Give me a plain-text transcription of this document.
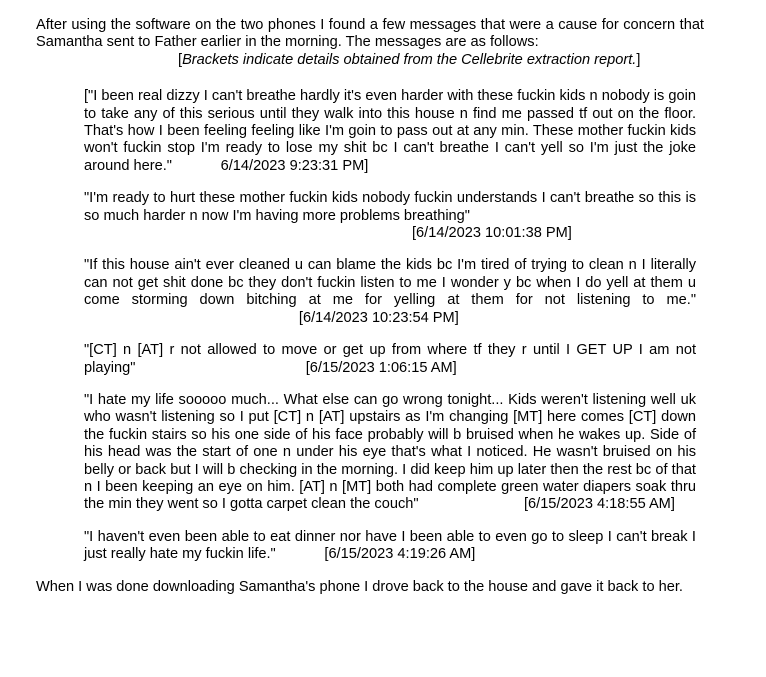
After using the software on the two phones I found a few messages that were a cause for concern that Samantha sent to Father earlier in the morning. The messages are as follows:

[Brackets indicate details obtained from the Cellebrite extraction report.]

["I been real dizzy I can't breathe hardly it's even harder with these fuckin kids n nobody is goin to take any of this serious until they walk into this house n find me passed tf out on the floor. That's how I been feeling feeling like I'm goin to pass out at any min. These mother fuckin kids won't fuckin stop I'm ready to lose my shit bc I can't breathe I can't yell so I'm just the joke around here."	6/14/2023 9:23:31 PM]

"I'm ready to hurt these mother fuckin kids nobody fuckin understands I can't breathe so this is so much harder n now I'm having more problems breathing"
[6/14/2023 10:01:38 PM]

"If this house ain't ever cleaned u can blame the kids bc I'm tired of trying to clean n I literally can not get shit done bc they don't fuckin listen to me I wonder y bc when I do yell at them u come storming down bitching at me for yelling at them for not listening to me."                                                     [6/14/2023 10:23:54 PM]

"[CT] n [AT] r not allowed to move or get up from where tf they r until I GET UP I am not playing"	[6/15/2023 1:06:15 AM]

"I hate my life sooooo much... What else can go wrong tonight... Kids weren't listening well uk who wasn't listening so I put [CT] n [AT] upstairs as I'm changing [MT] here comes [CT] down the fuckin stairs so his one side of his face probably will b bruised when he wakes up. Side of his head was the start of one n under his eye that's what I noticed. He wasn't bruised on his belly or back but I will b checking in the morning. I did keep him up later then the rest bc of that n I been keeping an eye on him. [AT] n [MT] both had complete green water diapers soak thru the min they went so I gotta carpet clean the couch"	[6/15/2023 4:18:55 AM]

"I haven't even been able to eat dinner nor have I been able to even go to sleep I can't break I just really hate my fuckin life."	[6/15/2023 4:19:26 AM]

When I was done downloading Samantha's phone I drove back to the house and gave it back to her.
